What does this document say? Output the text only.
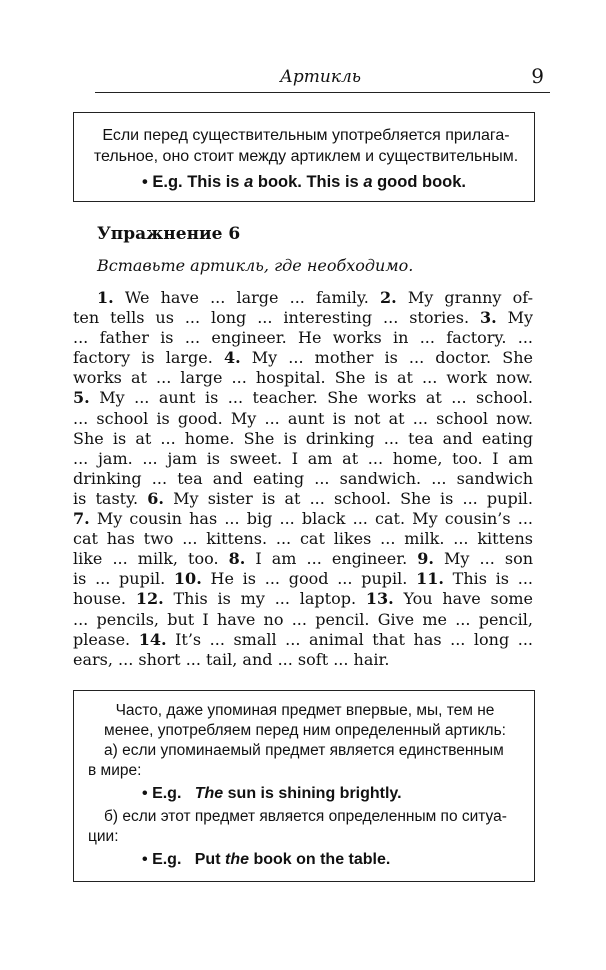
Артикль	9
Если перед существительным употребляется прилага-
тельное, оно стоит между артиклем и существительным.
• E.g. This is a book. This is a good book.
Упражнение 6
Вставьте артикль, где необходимо.
1. We have ... large ... family. 2. My granny of-
ten tells us ... long ... interesting ... stories. 3. My
... father is ... engineer. He works in ... factory. ...
factory is large. 4. My ... mother is ... doctor. She
works at ... large ... hospital. She is at ... work now.
5. My ... aunt is ... teacher. She works at ... school.
... school is good. My ... aunt is not at ... school now.
She is at ... home. She is drinking ... tea and eating
... jam. ... jam is sweet. I am at ... home, too. I am
drinking ... tea and eating ... sandwich. ... sandwich
is tasty. 6. My sister is at ... school. She is ... pupil.
7. My cousin has ... big ... black ... cat. My cousin’s ...
cat has two ... kittens. ... cat likes ... milk. ... kittens
like ... milk, too. 8. I am ... engineer. 9. My ... son
is ... pupil. 10. He is ... good ... pupil. 11. This is ...
house. 12. This is my ... laptop. 13. You have some
... pencils, but I have no ... pencil. Give me ... pencil,
please. 14. It’s ... small ... animal that has ... long ...
ears, ... short ... tail, and ... soft ... hair.
Часто, даже упоминая предмет впервые, мы, тем не
менее, употребляем перед ним определенный артикль:
а) если упоминаемый предмет является единственным
в мире:
• E.g. The sun is shining brightly.
б) если этот предмет является определенным по ситуа-
ции:
• E.g. Put the book on the table.
